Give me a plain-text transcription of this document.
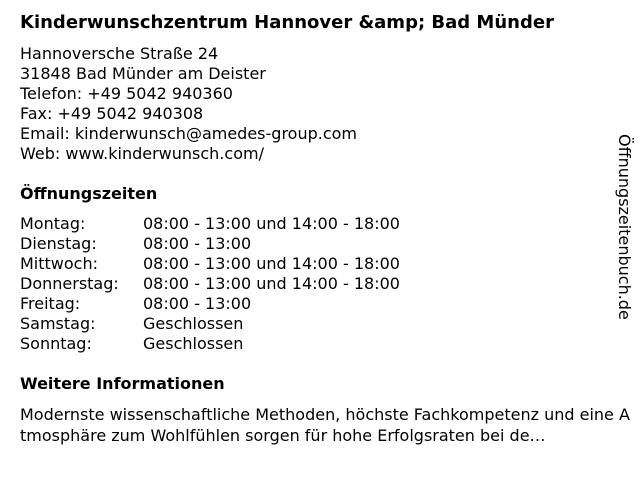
Kinderwunschzentrum Hannover &amp; Bad Münder
Hannoversche Straße 24
31848 Bad Münder am Deister
Telefon: +49 5042 940360
Fax: +49 5042 940308
Email: kinderwunsch@amedes-group.com
Web: www.kinderwunsch.com/
Öffnungszeiten
Montag:	08:00 - 13:00 und 14:00 - 18:00
Dienstag:	08:00 - 13:00
Mittwoch:	08:00 - 13:00 und 14:00 - 18:00
Donnerstag: 08:00 - 13:00 und 14:00 - 18:00
Freitag:	08:00 - 13:00
Samstag:	Geschlossen
Sonntag:	Geschlossen
Weitere Informationen
Modernste wissenschaftliche Methoden, höchste Fachkompetenz und eine Atmosphäre zum Wohlfühlen sorgen für hohe Erfolgsraten bei de…
Öffnungszeitenbuch.de
